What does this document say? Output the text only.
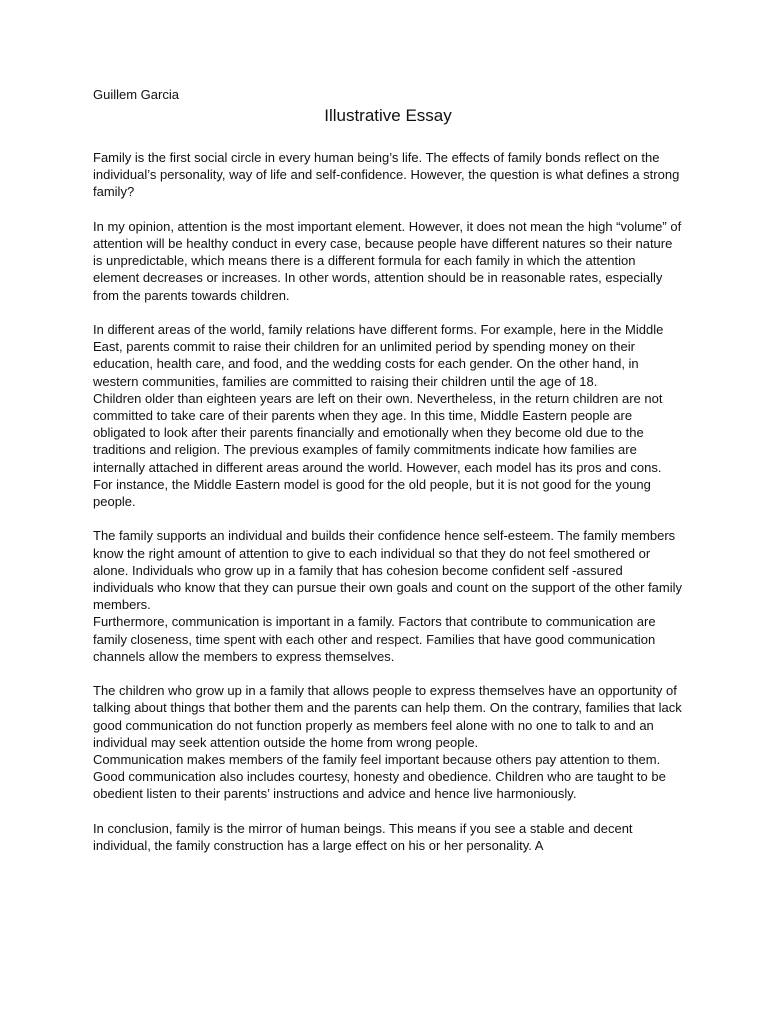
Guillem Garcia

Illustrative Essay

Family is the first social circle in every human being’s life. The effects of family bonds reflect on the individual’s personality, way of life and self-confidence. However, the question is what defines a strong family?

In my opinion, attention is the most important element. However, it does not mean the high “volume” of attention will be healthy conduct in every case, because people have different natures so their nature is unpredictable, which means there is a different formula for each family in which the attention element decreases or increases. In other words, attention should be in reasonable rates, especially from the parents towards children.

In different areas of the world, family relations have different forms. For example, here in the Middle East, parents commit to raise their children for an unlimited period by spending money on their education, health care, and food, and the wedding costs for each gender. On the other hand, in western communities, families are committed to raising their children until the age of 18.

Children older than eighteen years are left on their own. Nevertheless, in the return children are not committed to take care of their parents when they age. In this time, Middle Eastern people are obligated to look after their parents financially and emotionally when they become old due to the traditions and religion. The previous examples of family commitments indicate how families are internally attached in different areas around the world. However, each model has its pros and cons. For instance, the Middle Eastern model is good for the old people, but it is not good for the young people.

The family supports an individual and builds their confidence hence self-esteem. The family members know the right amount of attention to give to each individual so that they do not feel smothered or alone. Individuals who grow up in a family that has cohesion become confident self -assured individuals who know that they can pursue their own goals and count on the support of the other family members.

Furthermore, communication is important in a family. Factors that contribute to communication are family closeness, time spent with each other and respect. Families that have good communication channels allow the members to express themselves.

The children who grow up in a family that allows people to express themselves have an opportunity of talking about things that bother them and the parents can help them. On the contrary, families that lack good communication do not function properly as members feel alone with no one to talk to and an individual may seek attention outside the home from wrong people.

Communication makes members of the family feel important because others pay attention to them. Good communication also includes courtesy, honesty and obedience. Children who are taught to be obedient listen to their parents’ instructions and advice and hence live harmoniously.

In conclusion, family is the mirror of human beings. This means if you see a stable and decent individual, the family construction has a large effect on his or her personality. A
